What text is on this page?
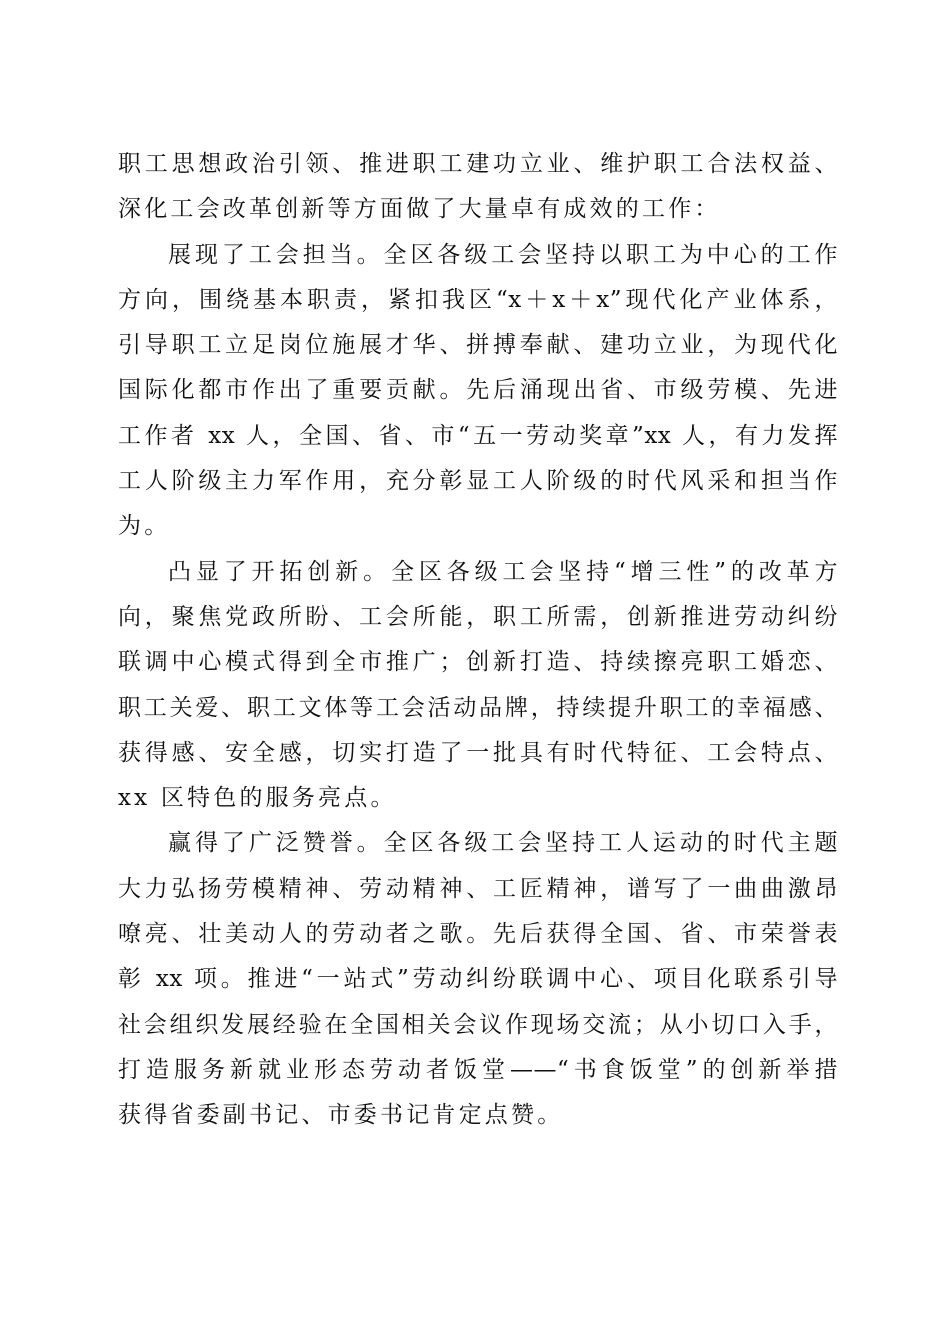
职工思想政治引领、推进职工建功立业、维护职工合法权益、
深化工会改革创新等方面做了大量卓有成效的工作：
展现了工会担当。全区各级工会坚持以职工为中心的工作
方向，围绕基本职责，紧扣我区“x＋x＋x”现代化产业体系，
引导职工立足岗位施展才华、拼搏奉献、建功立业，为现代化
国际化都市作出了重要贡献。先后涌现出省、市级劳模、先进
工作者 xx 人，全国、省、市“五一劳动奖章”xx 人，有力发挥
工人阶级主力军作用，充分彰显工人阶级的时代风采和担当作
为。
凸显了开拓创新。全区各级工会坚持“增三性”的改革方
向，聚焦党政所盼、工会所能，职工所需，创新推进劳动纠纷
联调中心模式得到全市推广；创新打造、持续擦亮职工婚恋、
职工关爱、职工文体等工会活动品牌，持续提升职工的幸福感、
获得感、安全感，切实打造了一批具有时代特征、工会特点、
xx 区特色的服务亮点。
赢得了广泛赞誉。全区各级工会坚持工人运动的时代主题
大力弘扬劳模精神、劳动精神、工匠精神，谱写了一曲曲激昂
嘹亮、壮美动人的劳动者之歌。先后获得全国、省、市荣誉表
彰 xx 项。推进“一站式”劳动纠纷联调中心、项目化联系引导
社会组织发展经验在全国相关会议作现场交流；从小切口入手，
打造服务新就业形态劳动者饭堂——“书食饭堂”的创新举措
获得省委副书记、市委书记肯定点赞。
